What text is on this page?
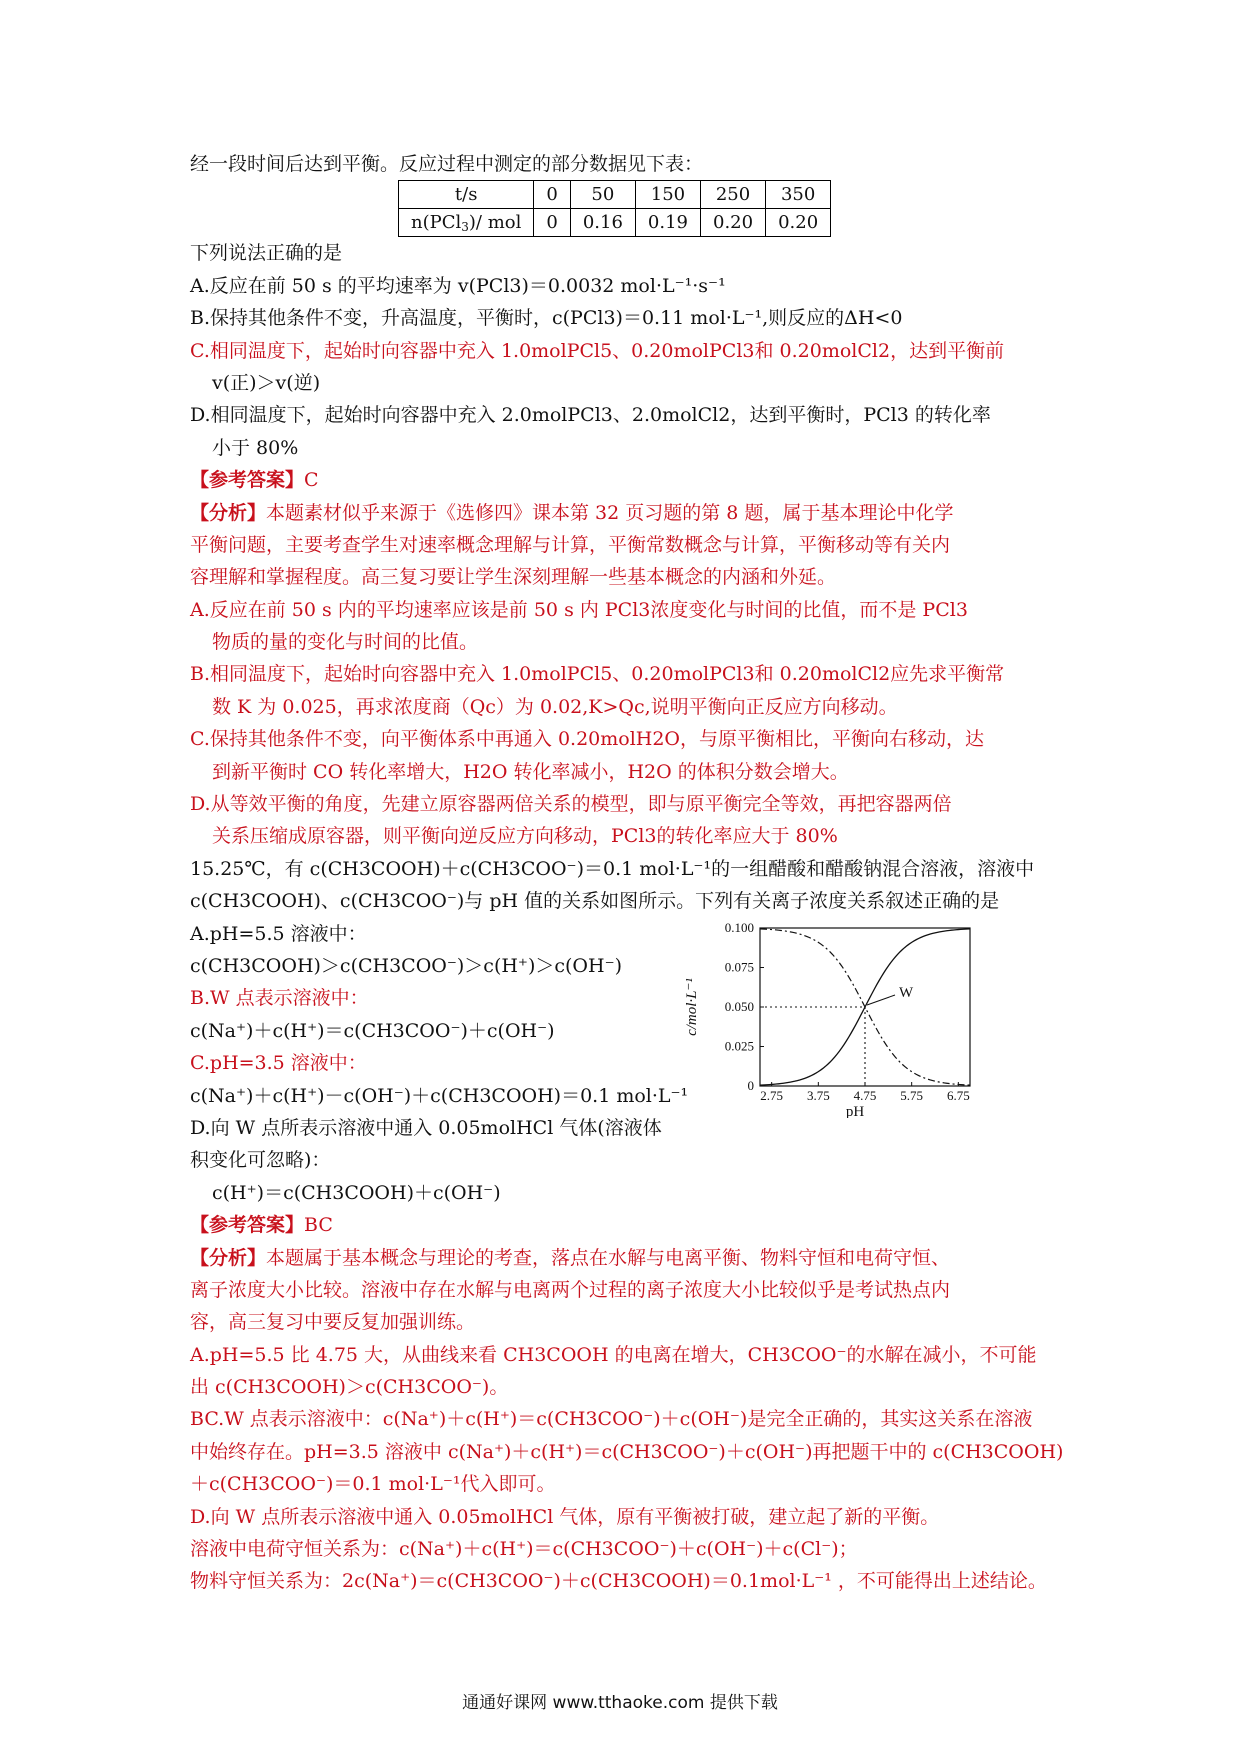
经一段时间后达到平衡。反应过程中测定的部分数据见下表：
t/s	0	50	150	250	350
n(PCl$_3$)/ mol	0	0.16	0.19	0.20	0.20
下列说法正确的是
A.反应在前 50 s 的平均速率为 v(PCl3)＝0.0032 mol·L⁻¹·s⁻¹
B.保持其他条件不变，升高温度，平衡时，c(PCl3)＝0.11 mol·L⁻¹,则反应的ΔH<0
C.相同温度下，起始时向容器中充入 1.0molPCl5、0.20molPCl3和 0.20molCl2，达到平衡前
v(正)＞v(逆)
D.相同温度下，起始时向容器中充入 2.0molPCl3、2.0molCl2，达到平衡时，PCl3 的转化率
小于 80%
【参考答案】C
【分析】本题素材似乎来源于《选修四》课本第 32 页习题的第 8 题，属于基本理论中化学
平衡问题，主要考查学生对速率概念理解与计算，平衡常数概念与计算，平衡移动等有关内
容理解和掌握程度。高三复习要让学生深刻理解一些基本概念的内涵和外延。
A.反应在前 50 s 内的平均速率应该是前 50 s 内 PCl3浓度变化与时间的比值，而不是 PCl3
物质的量的变化与时间的比值。
B.相同温度下，起始时向容器中充入 1.0molPCl5、0.20molPCl3和 0.20molCl2应先求平衡常
数 K 为 0.025，再求浓度商（Qc）为 0.02,K>Qc,说明平衡向正反应方向移动。
C.保持其他条件不变，向平衡体系中再通入 0.20molH2O，与原平衡相比，平衡向右移动，达
到新平衡时 CO 转化率增大，H2O 转化率减小，H2O 的体积分数会增大。
D.从等效平衡的角度，先建立原容器两倍关系的模型，即与原平衡完全等效，再把容器两倍
关系压缩成原容器，则平衡向逆反应方向移动，PCl3的转化率应大于 80%
15.25℃，有 c(CH3COOH)＋c(CH3COO⁻)＝0.1 mol·L⁻¹的一组醋酸和醋酸钠混合溶液，溶液中
c(CH3COOH)、c(CH3COO⁻)与 pH 值的关系如图所示。下列有关离子浓度关系叙述正确的是
A.pH=5.5 溶液中：
c(CH3COOH)＞c(CH3COO⁻)＞c(H⁺)＞c(OH⁻)
B.W 点表示溶液中：
c(Na⁺)＋c(H⁺)＝c(CH3COO⁻)＋c(OH⁻)
C.pH=3.5 溶液中：
c(Na⁺)＋c(H⁺)－c(OH⁻)＋c(CH3COOH)＝0.1 mol·L⁻¹
D.向 W 点所表示溶液中通入 0.05molHCl 气体(溶液体
积变化可忽略)：
c(H⁺)＝c(CH3COOH)＋c(OH⁻)
W
2.75 3.75 4.75 5.75 6.75
0
0.025
0.050
0.075
0.100
pH
c/mol·L⁻¹
【参考答案】BC
【分析】本题属于基本概念与理论的考查，落点在水解与电离平衡、物料守恒和电荷守恒、
离子浓度大小比较。溶液中存在水解与电离两个过程的离子浓度大小比较似乎是考试热点内
容，高三复习中要反复加强训练。
A.pH=5.5 比 4.75 大，从曲线来看 CH3COOH 的电离在增大，CH3COO⁻的水解在减小，不可能
出 c(CH3COOH)＞c(CH3COO⁻)。
BC.W 点表示溶液中：c(Na⁺)＋c(H⁺)＝c(CH3COO⁻)＋c(OH⁻)是完全正确的，其实这关系在溶液
中始终存在。pH=3.5 溶液中 c(Na⁺)＋c(H⁺)＝c(CH3COO⁻)＋c(OH⁻)再把题干中的 c(CH3COOH)
＋c(CH3COO⁻)＝0.1 mol·L⁻¹代入即可。
D.向 W 点所表示溶液中通入 0.05molHCl 气体，原有平衡被打破，建立起了新的平衡。
溶液中电荷守恒关系为：c(Na⁺)＋c(H⁺)＝c(CH3COO⁻)＋c(OH⁻)＋c(Cl⁻)；
物料守恒关系为：2c(Na⁺)＝c(CH3COO⁻)＋c(CH3COOH)＝0.1mol·L⁻¹ ，不可能得出上述结论。
通通好课网 www.tthaoke.com 提供下载
